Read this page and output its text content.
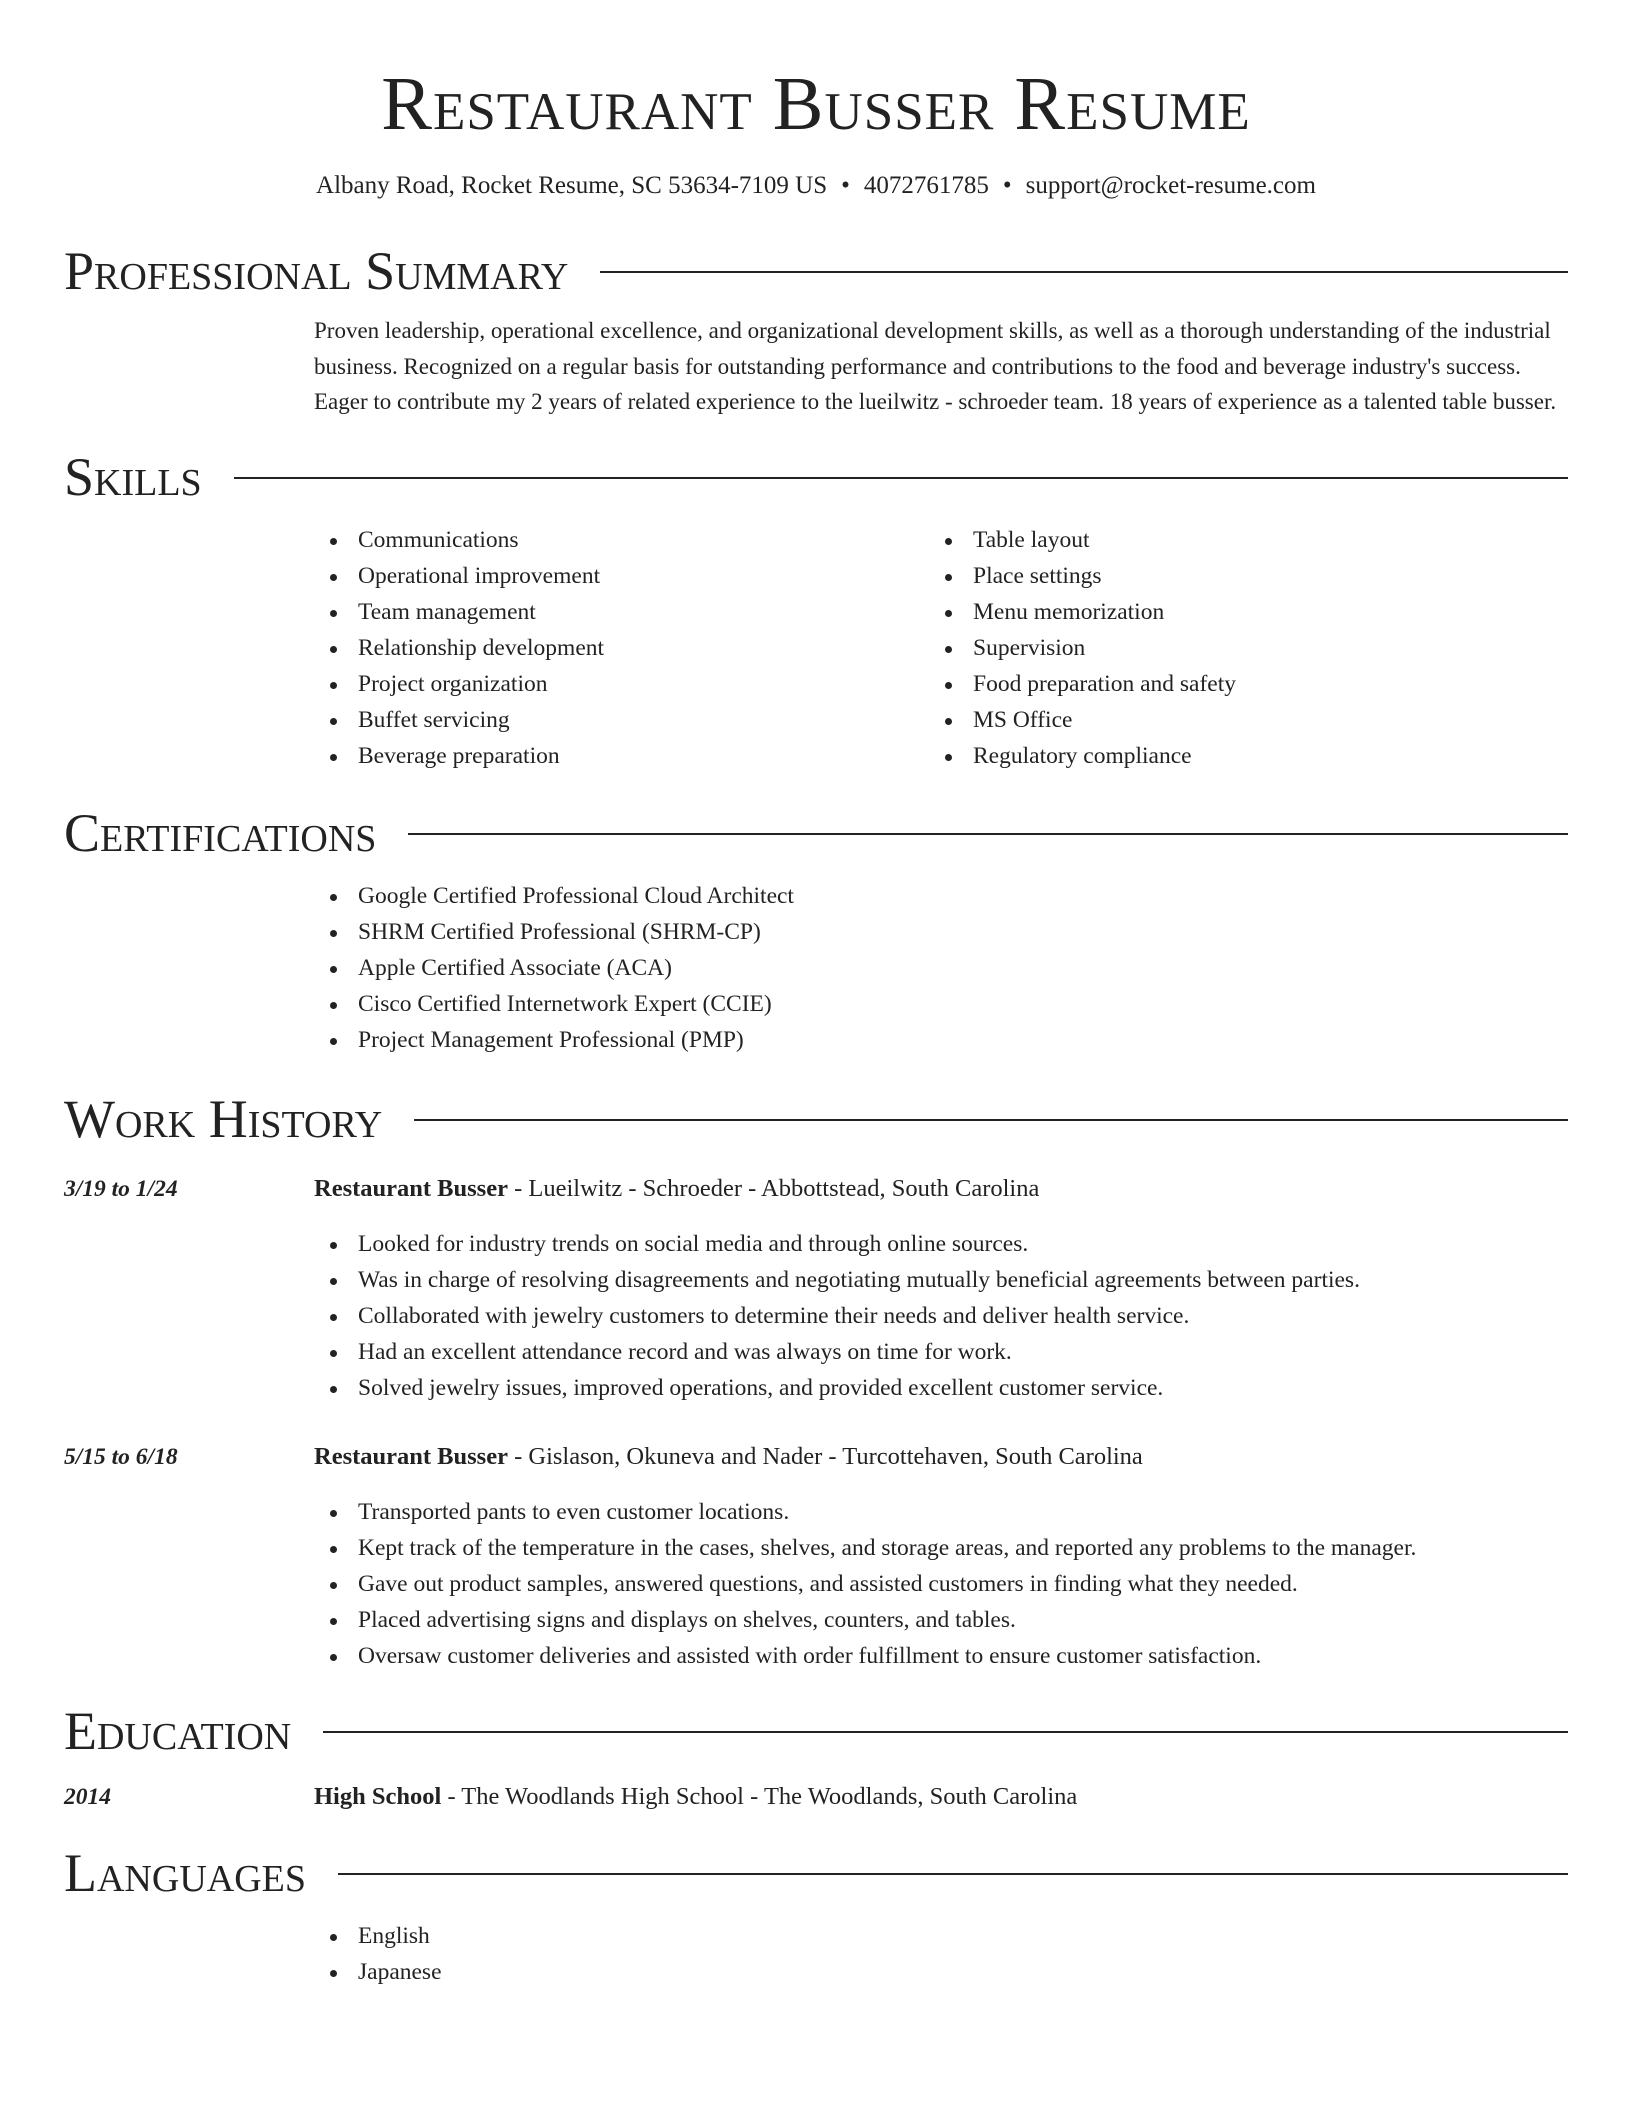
Restaurant Busser Resume
Albany Road, Rocket Resume, SC 53634-7109 US • 4072761785 • support@rocket-resume.com
Professional Summary

Proven leadership, operational excellence, and organizational development skills, as well as a thorough understanding of the industrial business. Recognized on a regular basis for outstanding performance and contributions to the food and beverage industry's success. Eager to contribute my 2 years of related experience to the lueilwitz - schroeder team. 18 years of experience as a talented table busser.

Skills
Communications
Operational improvement
Team management
Relationship development
Project organization
Buffet servicing
Beverage preparation
Table layout
Place settings
Menu memorization
Supervision
Food preparation and safety
MS Office
Regulatory compliance
Certifications
Google Certified Professional Cloud Architect
SHRM Certified Professional (SHRM-CP)
Apple Certified Associate (ACA)
Cisco Certified Internetwork Expert (CCIE)
Project Management Professional (PMP)
Work History
3/19 to 1/24	Restaurant Busser - Lueilwitz - Schroeder - Abbottstead, South Carolina
Looked for industry trends on social media and through online sources.
Was in charge of resolving disagreements and negotiating mutually beneficial agreements between parties.
Collaborated with jewelry customers to determine their needs and deliver health service.
Had an excellent attendance record and was always on time for work.
Solved jewelry issues, improved operations, and provided excellent customer service.
5/15 to 6/18	Restaurant Busser - Gislason, Okuneva and Nader - Turcottehaven, South Carolina
Transported pants to even customer locations.
Kept track of the temperature in the cases, shelves, and storage areas, and reported any problems to the manager.
Gave out product samples, answered questions, and assisted customers in finding what they needed.
Placed advertising signs and displays on shelves, counters, and tables.
Oversaw customer deliveries and assisted with order fulfillment to ensure customer satisfaction.
Education
2014	High School - The Woodlands High School - The Woodlands, South Carolina
Languages
English
Japanese
